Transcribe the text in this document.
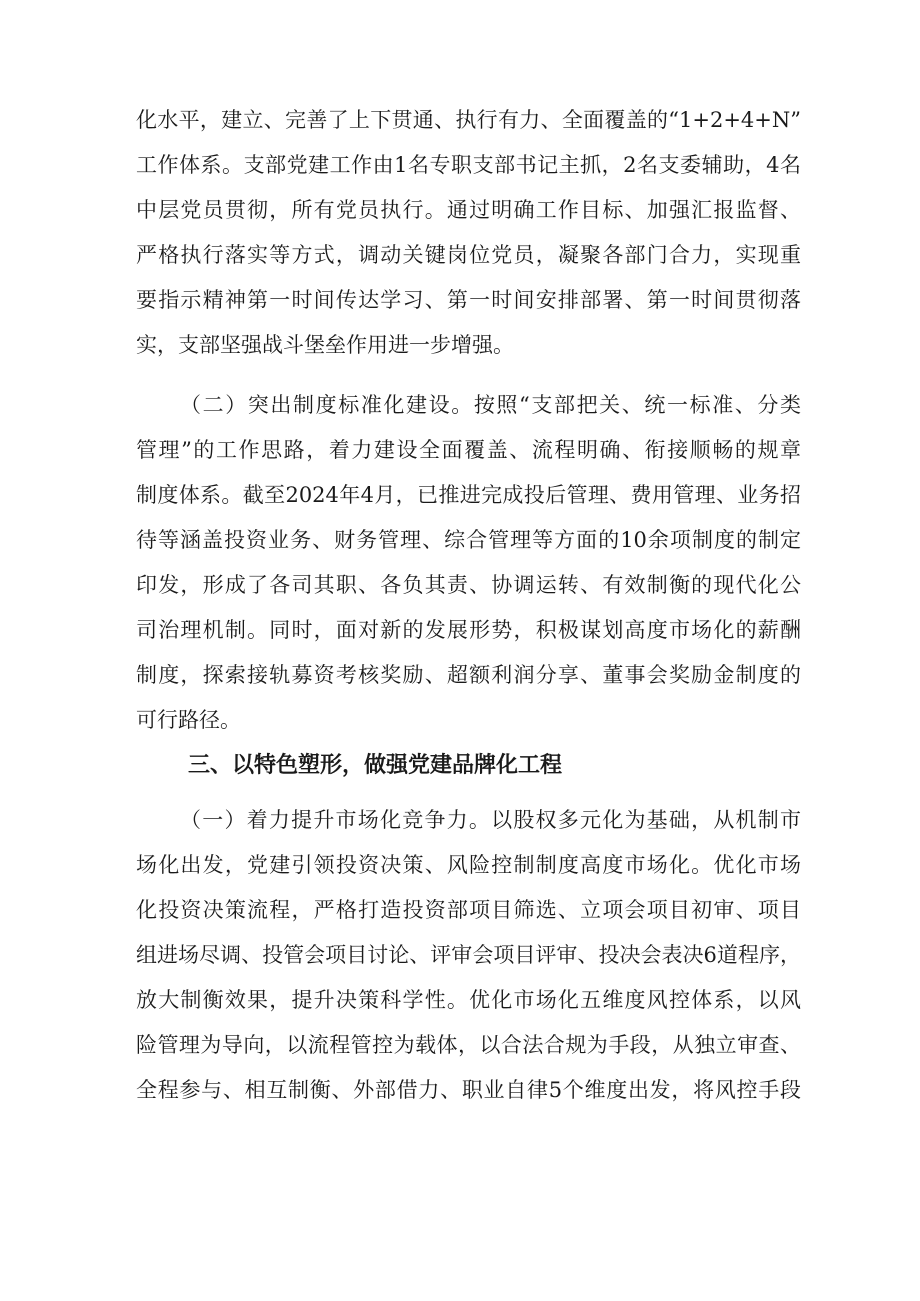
化水平，建立、完善了上下贯通、执行有力、全面覆盖的“1+2+4+N”
工作体系。支部党建工作由1名专职支部书记主抓，2名支委辅助，4名
中层党员贯彻，所有党员执行。通过明确工作目标、加强汇报监督、
严格执行落实等方式，调动关键岗位党员，凝聚各部门合力，实现重
要指示精神第一时间传达学习、第一时间安排部署、第一时间贯彻落
实，支部坚强战斗堡垒作用进一步增强。
（二）突出制度标准化建设。按照“支部把关、统一标准、分类
管理”的工作思路，着力建设全面覆盖、流程明确、衔接顺畅的规章
制度体系。截至2024年4月，已推进完成投后管理、费用管理、业务招
待等涵盖投资业务、财务管理、综合管理等方面的10余项制度的制定
印发，形成了各司其职、各负其责、协调运转、有效制衡的现代化公
司治理机制。同时，面对新的发展形势，积极谋划高度市场化的薪酬
制度，探索接轨募资考核奖励、超额利润分享、董事会奖励金制度的
可行路径。
三、以特色塑形，做强党建品牌化工程
（一）着力提升市场化竞争力。以股权多元化为基础，从机制市
场化出发，党建引领投资决策、风险控制制度高度市场化。优化市场
化投资决策流程，严格打造投资部项目筛选、立项会项目初审、项目
组进场尽调、投管会项目讨论、评审会项目评审、投决会表决6道程序，
放大制衡效果，提升决策科学性。优化市场化五维度风控体系，以风
险管理为导向，以流程管控为载体，以合法合规为手段，从独立审查、
全程参与、相互制衡、外部借力、职业自律5个维度出发，将风控手段
